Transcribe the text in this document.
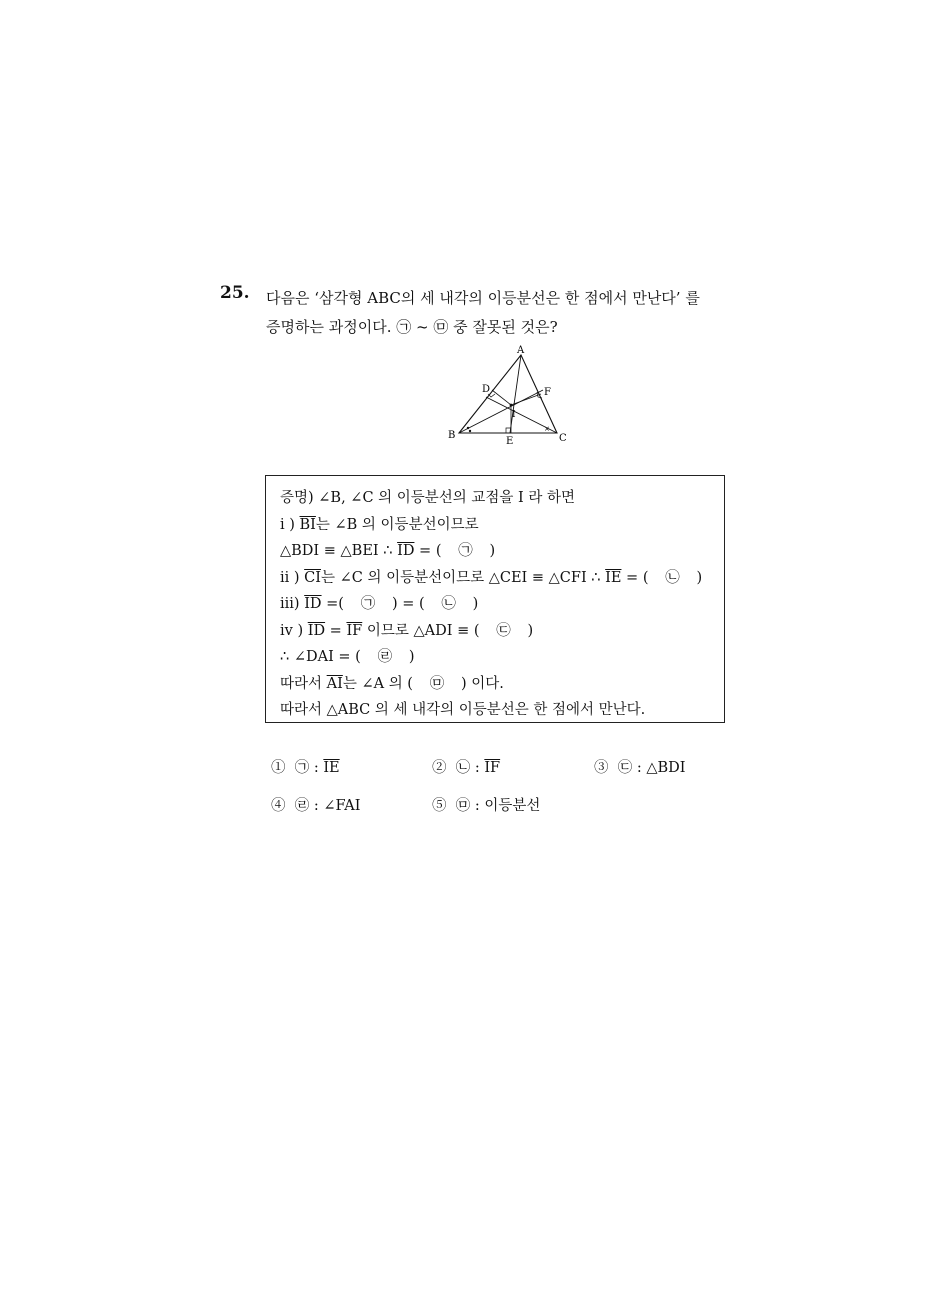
25. 다음은 ‘삼각형 ABC의 세 내각의 이등분선은 한 점에서 만난다’ 를
증명하는 과정이다. ㉠ ~ ㉤ 중 잘못된 것은?
×
A
B	C
D
E
F
I
증명) ∠B, ∠C 의 이등분선의 교점을 I 라 하면
i ) $\overline{BI}$는 ∠B 의 이등분선이므로
△BDI ≡ △BEI ∴ $\overline{ID}$ = ( ㉠ )
ii ) $\overline{CI}$는 ∠C 의 이등분선이므로 △CEI ≡ △CFI ∴ $\overline{IE}$ = ( ㉡ )
iii) $\overline{ID}$ =( ㉠ ) = ( ㉡ )
iv ) $\overline{ID} = \overline{IF}$ 이므로 △ADI ≡ ( ㉢ )
∴ ∠DAI = ( ㉣ )
따라서 $\overline{AI}$는 ∠A 의 ( ㉤ ) 이다.
따라서 △ABC 의 세 내각의 이등분선은 한 점에서 만난다.
① ㉠ : $\overline{IE}$	② ㉡ : $\overline{IF}$	③ ㉢ : △BDI
④ ㉣ : ∠FAI	⑤ ㉤ : 이등분선
